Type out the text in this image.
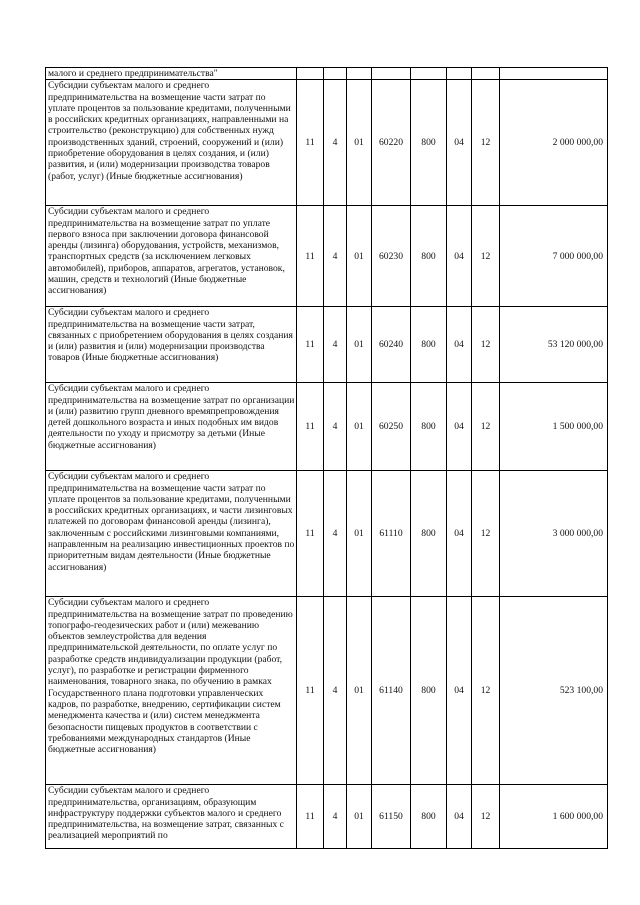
малого и среднего предпринимательства"								
Субсидии субъектам малого и среднего предпринимательства на возмещение части затрат по уплате процентов за пользование кредитами, полученными в российских кредитных организациях, направленными на строительство (реконструкцию) для собственных нужд производственных зданий, строений, сооружений и (или) приобретение оборудования в целях создания, и (или) развития, и (или) модернизации производства товаров (работ, услуг) (Иные бюджетные ассигнования)	11	4	01	60220	800	04	12	2 000 000,00
Субсидии субъектам малого и среднего предпринимательства на возмещение затрат по уплате первого взноса при заключении договора финансовой аренды (лизинга) оборудования, устройств, механизмов, транспортных средств (за исключением легковых автомобилей), приборов, аппаратов, агрегатов, установок, машин, средств и технологий (Иные бюджетные ассигнования)	11	4	01	60230	800	04	12	7 000 000,00
Субсидии субъектам малого и среднего предпринимательства на возмещение части затрат, связанных с приобретением оборудования в целях создания и (или) развития и (или) модернизации производства товаров (Иные бюджетные ассигнования)	11	4	01	60240	800	04	12	53 120 000,00
Субсидии субъектам малого и среднего предпринимательства на возмещение затрат по организации и (или) развитию групп дневного времяпрепровождения детей дошкольного возраста и иных подобных им видов деятельности по уходу и присмотру за детьми (Иные бюджетные ассигнования)	11	4	01	60250	800	04	12	1 500 000,00
Субсидии субъектам малого и среднего предпринимательства на возмещение части затрат по уплате процентов за пользование кредитами, полученными в российских кредитных организациях, и части лизинговых платежей по договорам финансовой аренды (лизинга), заключенным с российскими лизинговыми компаниями, направленным на реализацию инвестиционных проектов по приоритетным видам деятельности (Иные бюджетные ассигнования)	11	4	01	61110	800	04	12	3 000 000,00
Субсидии субъектам малого и среднего предпринимательства на возмещение затрат по проведению топографо-геодезических работ и (или) межеванию объектов землеустройства для ведения предпринимательской деятельности, по оплате услуг по разработке средств индивидуализации продукции (работ, услуг), по разработке и регистрации фирменного наименования, товарного знака, по обучению в рамках Государственного плана подготовки управленческих кадров, по разработке, внедрению, сертификации систем менеджмента качества и (или) систем менеджмента безопасности пищевых продуктов в соответствии с требованиями международных стандартов (Иные бюджетные ассигнования)	11	4	01	61140	800	04	12	523 100,00
Субсидии субъектам малого и среднего предпринимательства, организациям, образующим инфраструктуру поддержки субъектов малого и среднего предпринимательства, на возмещение затрат, связанных с реализацией мероприятий по	11	4	01	61150	800	04	12	1 600 000,00
